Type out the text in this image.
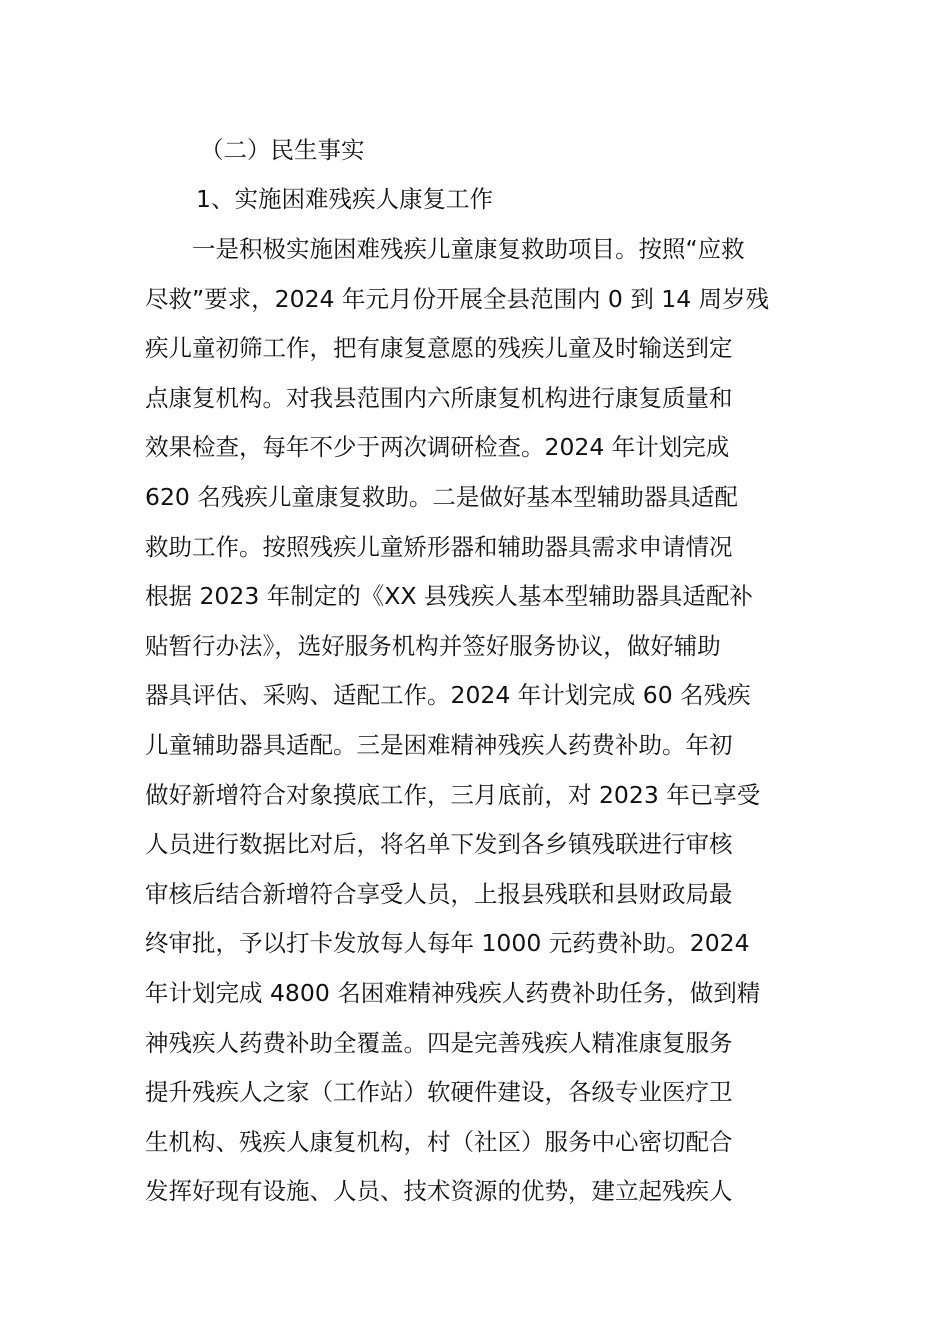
（二）民生事实
1、实施困难残疾人康复工作
　　一是积极实施困难残疾儿童康复救助项目。按照“应救
尽救”要求，2024 年元月份开展全县范围内 0 到 14 周岁残
疾儿童初筛工作，把有康复意愿的残疾儿童及时输送到定
点康复机构。对我县范围内六所康复机构进行康复质量和
效果检查，每年不少于两次调研检查。2024 年计划完成
620 名残疾儿童康复救助。二是做好基本型辅助器具适配
救助工作。按照残疾儿童矫形器和辅助器具需求申请情况
根据 2023 年制定的《XX 县残疾人基本型辅助器具适配补
贴暂行办法》，选好服务机构并签好服务协议，做好辅助
器具评估、采购、适配工作。2024 年计划完成 60 名残疾
儿童辅助器具适配。三是困难精神残疾人药费补助。年初
做好新增符合对象摸底工作，三月底前，对 2023 年已享受
人员进行数据比对后，将名单下发到各乡镇残联进行审核
审核后结合新增符合享受人员，上报县残联和县财政局最
终审批，予以打卡发放每人每年 1000 元药费补助。2024
年计划完成 4800 名困难精神残疾人药费补助任务，做到精
神残疾人药费补助全覆盖。四是完善残疾人精准康复服务
提升残疾人之家（工作站）软硬件建设，各级专业医疗卫
生机构、残疾人康复机构，村（社区）服务中心密切配合
发挥好现有设施、人员、技术资源的优势，建立起残疾人
